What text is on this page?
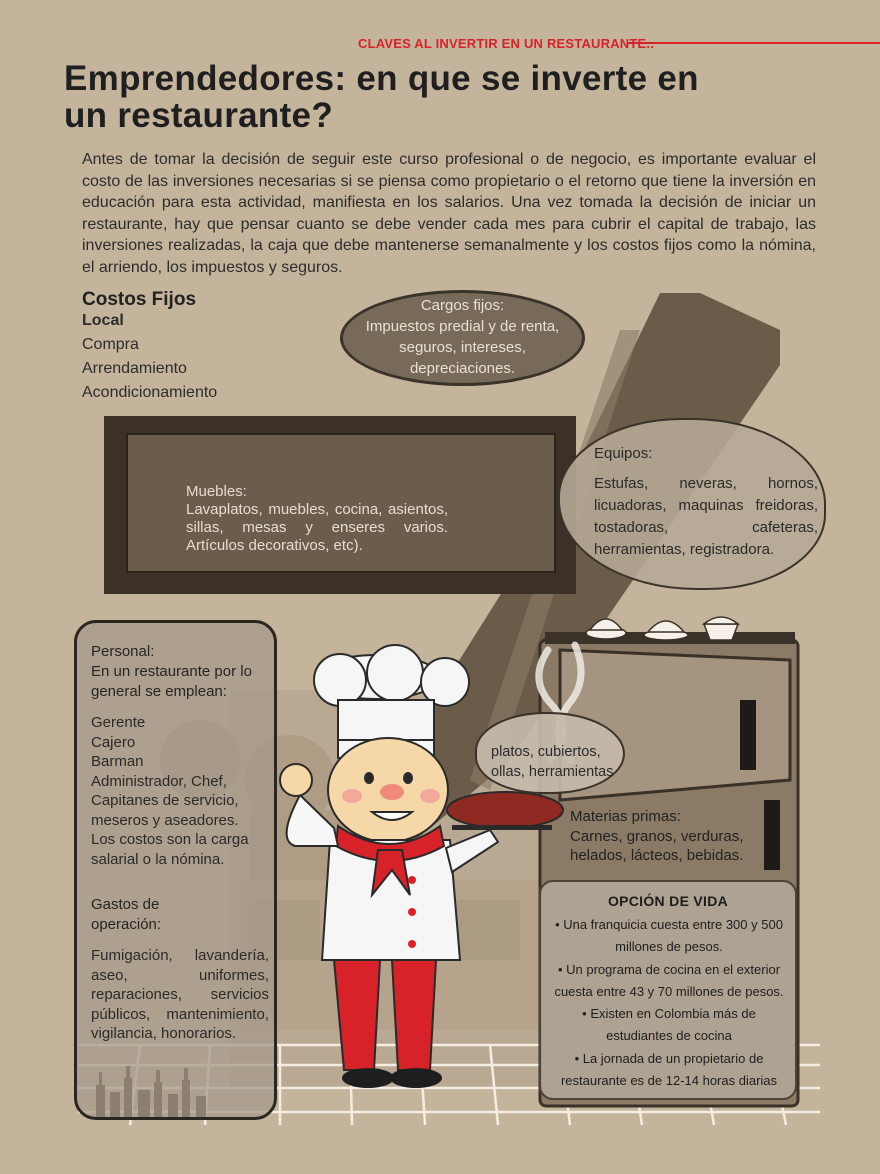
CLAVES AL INVERTIR EN UN RESTAURANTE..
Emprendedores: en que se inverte en
un restaurante?

Antes de tomar la decisión de seguir este curso profesional o de negocio, es importante evaluar el costo de las inversiones necesarias si se piensa como propietario o el retorno que tiene la inversión en educación para esta actividad, manifiesta en los salarios. Una vez tomada la decisión de iniciar un restaurante, hay que pensar cuanto se debe vender cada mes para cubrir el capital de trabajo, las inversiones realizadas, la caja que debe mantenerse semanalmente y los costos fijos como la nómina, el arriendo, los impuestos y seguros.

Costos Fijos
Local
Compra
Arrendamiento
Acondicionamiento
Cargos fijos:
Impuestos predial y de renta,
seguros, intereses,
depreciaciones.
Muebles:
Lavaplatos, muebles, cocina, asientos, sillas, mesas y enseres varios. Artículos decorativos, etc).
Equipos:
Estufas, neveras, hornos, licuadoras, maquinas freidoras, tostadoras, cafeteras, herramientas, registradora.
Personal:
En un restaurante por lo general se emplean:
Gerente
Cajero
Barman
Administrador, Chef,
Capitanes de servicio,
meseros y aseadores.
Los costos son la carga salarial o la nómina.
Gastos de operación:
Fumigación, lavandería, aseo, uniformes, reparaciones, servicios públicos, mantenimiento, vigilancia, honorarios.
platos, cubiertos,
ollas, herramientas
Materias primas:
Carnes, granos, verduras, helados, lácteos, bebidas.
OPCIÓN DE VIDA
• Una franquicia cuesta entre 300 y 500 millones de pesos.
• Un programa de cocina en el exterior cuesta entre 43 y 70 millones de pesos.
• Existen en Colombia más de estudiantes de cocina
• La jornada de un propietario de restaurante es de 12-14 horas diarias
